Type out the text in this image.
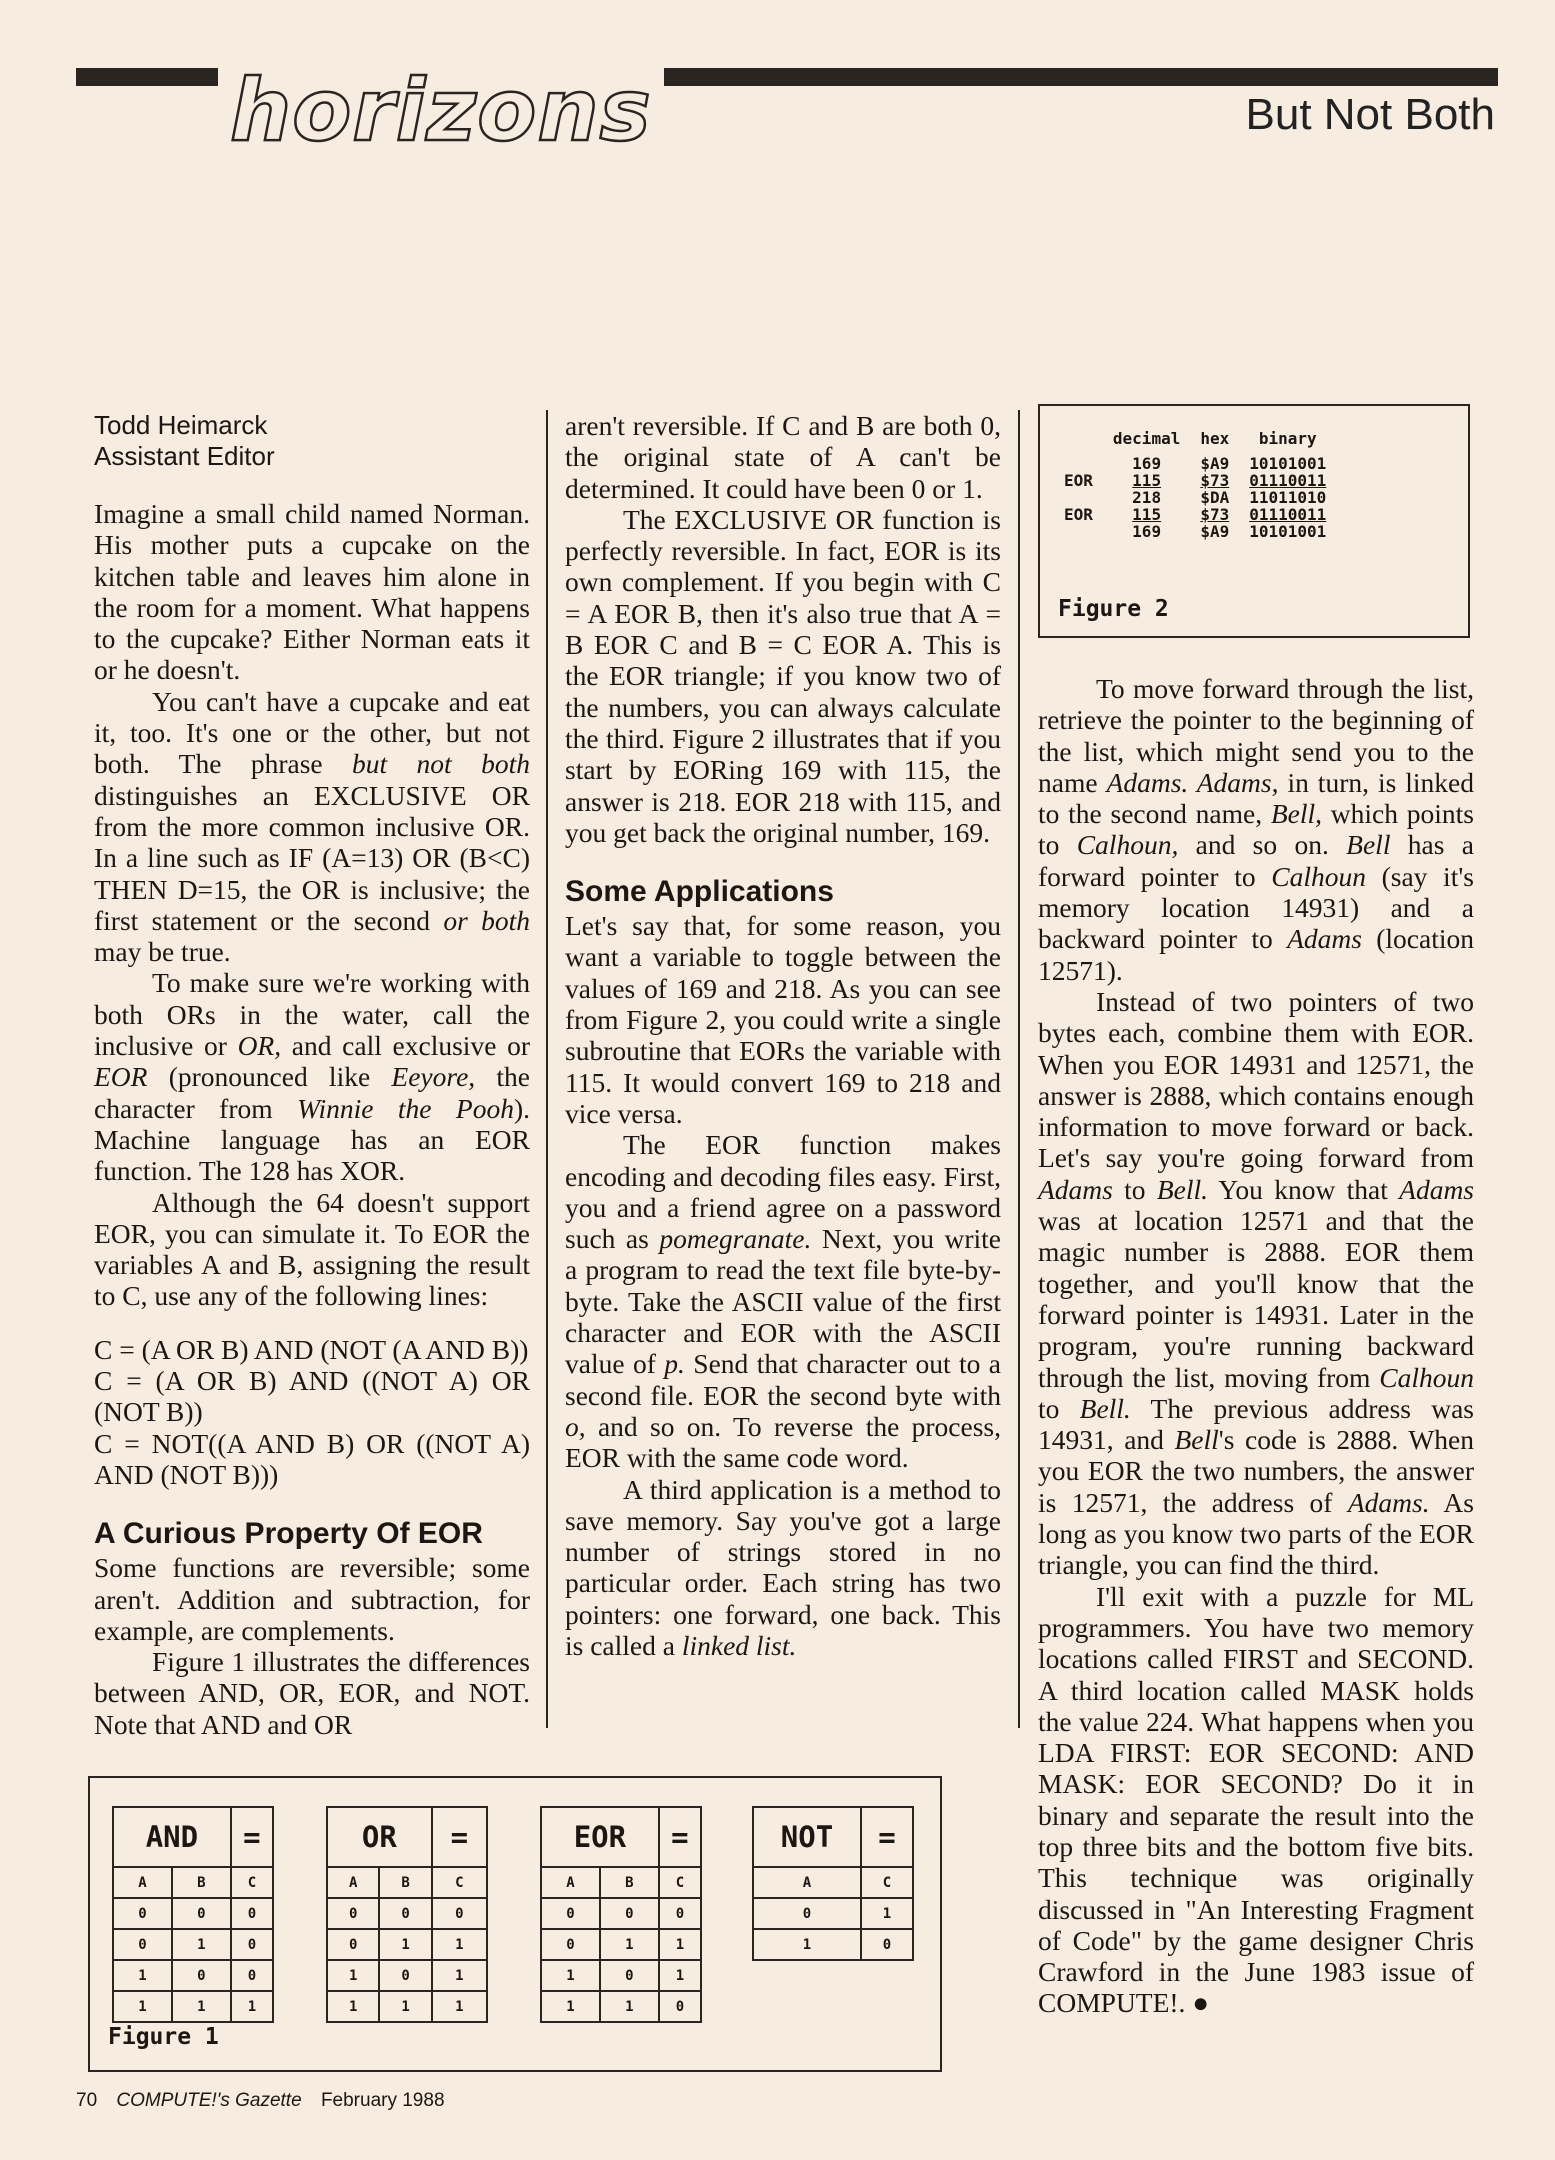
horizons	But Not Both

Todd Heimarck
Assistant Editor

Imagine a small child named Norman. His mother puts a cupcake on the kitchen table and leaves him alone in the room for a moment. What happens to the cupcake? Either Norman eats it or he doesn't.

You can't have a cupcake and eat it, too. It's one or the other, but not both. The phrase but not both distinguishes an EXCLUSIVE OR from the more common inclusive OR. In a line such as IF (A=13) OR (B<C) THEN D=15, the OR is inclusive; the first statement or the second or both may be true.

To make sure we're working with both ORs in the water, call the inclusive or OR, and call exclusive or EOR (pronounced like Eeyore, the character from Winnie the Pooh). Machine language has an EOR function. The 128 has XOR.

Although the 64 doesn't support EOR, you can simulate it. To EOR the variables A and B, assigning the result to C, use any of the following lines:

C = (A OR B) AND (NOT (A AND B))
C = (A OR B) AND ((NOT A) OR (NOT B))
C = NOT((A AND B) OR ((NOT A) AND (NOT B)))

A Curious Property Of EOR

Some functions are reversible; some aren't. Addition and subtraction, for example, are complements.

Figure 1 illustrates the differences between AND, OR, EOR, and NOT. Note that AND and OR

aren't reversible. If C and B are both 0, the original state of A can't be determined. It could have been 0 or 1.

The EXCLUSIVE OR function is perfectly reversible. In fact, EOR is its own complement. If you begin with C = A EOR B, then it's also true that A = B EOR C and B = C EOR A. This is the EOR triangle; if you know two of the numbers, you can always calculate the third. Figure 2 illustrates that if you start by EORing 169 with 115, the answer is 218. EOR 218 with 115, and you get back the original number, 169.

Some Applications

Let's say that, for some reason, you want a variable to toggle between the values of 169 and 218. As you can see from Figure 2, you could write a single subroutine that EORs the variable with 115. It would convert 169 to 218 and vice versa.

The EOR function makes encoding and decoding files easy. First, you and a friend agree on a password such as pomegranate. Next, you write a program to read the text file byte-by-byte. Take the ASCII value of the first character and EOR with the ASCII value of p. Send that character out to a second file. EOR the second byte with o, and so on. To reverse the process, EOR with the same code word.

A third application is a method to save memory. Say you've got a large number of strings stored in no particular order. Each string has two pointers: one forward, one back. This is called a linked list.

	decimal	hex	binary

	169	$A9	10101001
EOR	115	$73	01110011
	218	$DA	11011010
EOR	115	$73	01110011
	169	$A9	10101001
Figure 2

To move forward through the list, retrieve the pointer to the beginning of the list, which might send you to the name Adams. Adams, in turn, is linked to the second name, Bell, which points to Calhoun, and so on. Bell has a forward pointer to Calhoun (say it's memory location 14931) and a backward pointer to Adams (location 12571).

Instead of two pointers of two bytes each, combine them with EOR. When you EOR 14931 and 12571, the answer is 2888, which contains enough information to move forward or back. Let's say you're going forward from Adams to Bell. You know that Adams was at location 12571 and that the magic number is 2888. EOR them together, and you'll know that the forward pointer is 14931. Later in the program, you're running backward through the list, moving from Calhoun to Bell. The previous address was 14931, and Bell's code is 2888. When you EOR the two numbers, the answer is 12571, the address of Adams. As long as you know two parts of the EOR triangle, you can find the third.

I'll exit with a puzzle for ML programmers. You have two memory locations called FIRST and SECOND. A third location called MASK holds the value 224. What happens when you LDA FIRST: EOR SECOND: AND MASK: EOR SECOND? Do it in binary and separate the result into the top three bits and the bottom five bits. This technique was originally discussed in "An Interesting Fragment of Code" by the game designer Chris Crawford in the June 1983 issue of COMPUTE!. ●

AND		=
A	B	C
0	0	0
0	1	0
1	0	0
1	1	1
OR		=
A	B	C
0	0	0
0	1	1
1	0	1
1	1	1
EOR		=
A	B	C
0	0	0
0	1	1
1	0	1
1	1	0
NOT	=
A	C
0	1
1	0
Figure 1
70 COMPUTE!'s Gazette February 1988
